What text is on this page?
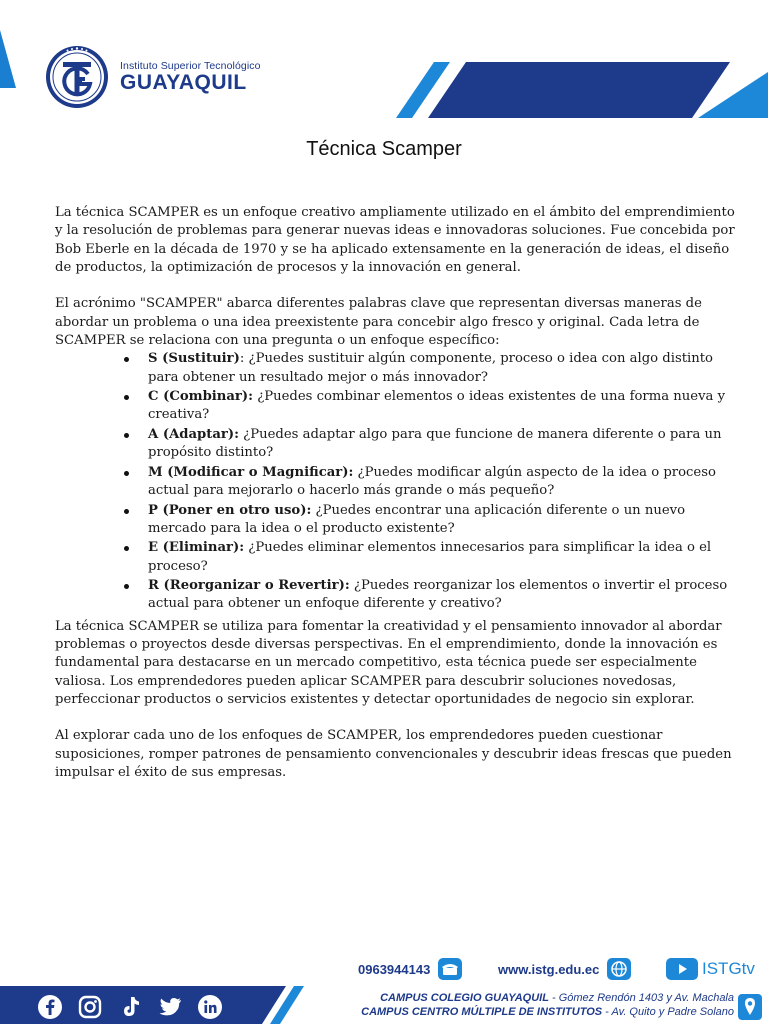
Instituto Superior Tecnológico
GUAYAQUIL
Técnica Scamper

La técnica SCAMPER es un enfoque creativo ampliamente utilizado en el ámbito del emprendimiento y la resolución de problemas para generar nuevas ideas e innovadoras soluciones. Fue concebida por Bob Eberle en la década de 1970 y se ha aplicado extensamente en la generación de ideas, el diseño de productos, la optimización de procesos y la innovación en general.

El acrónimo "SCAMPER" abarca diferentes palabras clave que representan diversas maneras de abordar un problema o una idea preexistente para concebir algo fresco y original. Cada letra de SCAMPER se relaciona con una pregunta o un enfoque específico:

S (Sustituir): ¿Puedes sustituir algún componente, proceso o idea con algo distinto para obtener un resultado mejor o más innovador?
C (Combinar): ¿Puedes combinar elementos o ideas existentes de una forma nueva y creativa?
A (Adaptar): ¿Puedes adaptar algo para que funcione de manera diferente o para un propósito distinto?
M (Modificar o Magnificar): ¿Puedes modificar algún aspecto de la idea o proceso actual para mejorarlo o hacerlo más grande o más pequeño?
P (Poner en otro uso): ¿Puedes encontrar una aplicación diferente o un nuevo mercado para la idea o el producto existente?
E (Eliminar): ¿Puedes eliminar elementos innecesarios para simplificar la idea o el proceso?
R (Reorganizar o Revertir): ¿Puedes reorganizar los elementos o invertir el proceso actual para obtener un enfoque diferente y creativo?

La técnica SCAMPER se utiliza para fomentar la creatividad y el pensamiento innovador al abordar problemas o proyectos desde diversas perspectivas. En el emprendimiento, donde la innovación es fundamental para destacarse en un mercado competitivo, esta técnica puede ser especialmente valiosa. Los emprendedores pueden aplicar SCAMPER para descubrir soluciones novedosas, perfeccionar productos o servicios existentes y detectar oportunidades de negocio sin explorar.

Al explorar cada uno de los enfoques de SCAMPER, los emprendedores pueden cuestionar suposiciones, romper patrones de pensamiento convencionales y descubrir ideas frescas que pueden impulsar el éxito de sus empresas.

0963944143	www.istg.edu.ec	ISTGtv
CAMPUS COLEGIO GUAYAQUIL - Gómez Rendón 1403 y Av. Machala
CAMPUS CENTRO MÚLTIPLE DE INSTITUTOS - Av. Quito y Padre Solano
